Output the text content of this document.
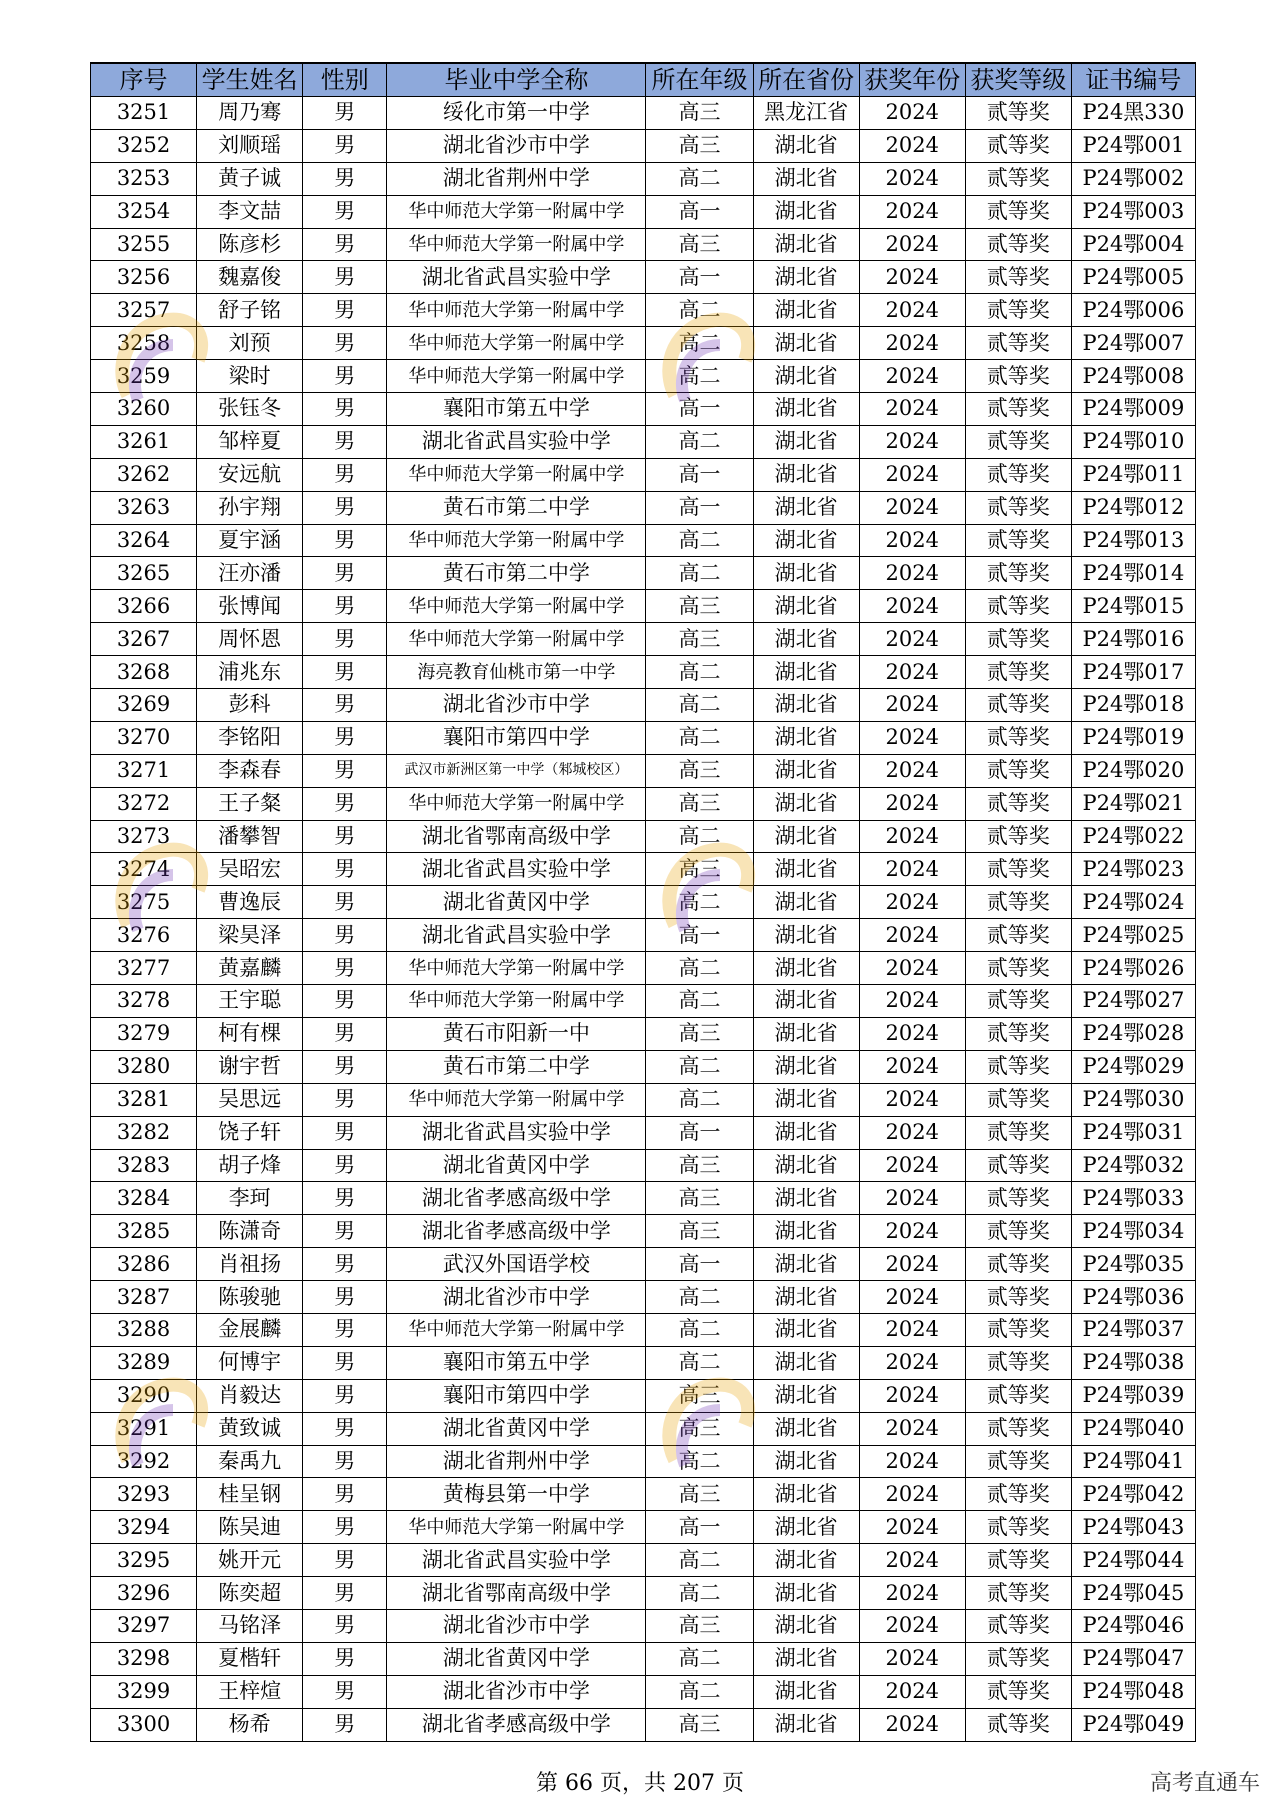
序号	学生姓名	性别	毕业中学全称	所在年级	所在省份	获奖年份	获奖等级	证书编号
3251	周乃骞	男	绥化市第一中学	高三	黑龙江省	2024	贰等奖	P24黑330
3252	刘顺瑶	男	湖北省沙市中学	高三	湖北省	2024	贰等奖	P24鄂001
3253	黄子诚	男	湖北省荆州中学	高二	湖北省	2024	贰等奖	P24鄂002
3254	李文喆	男	华中师范大学第一附属中学	高一	湖北省	2024	贰等奖	P24鄂003
3255	陈彦杉	男	华中师范大学第一附属中学	高三	湖北省	2024	贰等奖	P24鄂004
3256	魏嘉俊	男	湖北省武昌实验中学	高一	湖北省	2024	贰等奖	P24鄂005
3257	舒子铭	男	华中师范大学第一附属中学	高二	湖北省	2024	贰等奖	P24鄂006
3258	刘预	男	华中师范大学第一附属中学	高二	湖北省	2024	贰等奖	P24鄂007
3259	梁时	男	华中师范大学第一附属中学	高二	湖北省	2024	贰等奖	P24鄂008
3260	张钰冬	男	襄阳市第五中学	高一	湖北省	2024	贰等奖	P24鄂009
3261	邹梓夏	男	湖北省武昌实验中学	高二	湖北省	2024	贰等奖	P24鄂010
3262	安远航	男	华中师范大学第一附属中学	高一	湖北省	2024	贰等奖	P24鄂011
3263	孙宇翔	男	黄石市第二中学	高一	湖北省	2024	贰等奖	P24鄂012
3264	夏宇涵	男	华中师范大学第一附属中学	高二	湖北省	2024	贰等奖	P24鄂013
3265	汪亦潘	男	黄石市第二中学	高二	湖北省	2024	贰等奖	P24鄂014
3266	张博闻	男	华中师范大学第一附属中学	高三	湖北省	2024	贰等奖	P24鄂015
3267	周怀恩	男	华中师范大学第一附属中学	高三	湖北省	2024	贰等奖	P24鄂016
3268	浦兆东	男	海亮教育仙桃市第一中学	高二	湖北省	2024	贰等奖	P24鄂017
3269	彭科	男	湖北省沙市中学	高二	湖北省	2024	贰等奖	P24鄂018
3270	李铭阳	男	襄阳市第四中学	高二	湖北省	2024	贰等奖	P24鄂019
3271	李森春	男	武汉市新洲区第一中学（邾城校区）	高三	湖北省	2024	贰等奖	P24鄂020
3272	王子粲	男	华中师范大学第一附属中学	高三	湖北省	2024	贰等奖	P24鄂021
3273	潘攀智	男	湖北省鄂南高级中学	高二	湖北省	2024	贰等奖	P24鄂022
3274	吴昭宏	男	湖北省武昌实验中学	高三	湖北省	2024	贰等奖	P24鄂023
3275	曹逸辰	男	湖北省黄冈中学	高二	湖北省	2024	贰等奖	P24鄂024
3276	梁昊泽	男	湖北省武昌实验中学	高一	湖北省	2024	贰等奖	P24鄂025
3277	黄嘉麟	男	华中师范大学第一附属中学	高二	湖北省	2024	贰等奖	P24鄂026
3278	王宇聪	男	华中师范大学第一附属中学	高二	湖北省	2024	贰等奖	P24鄂027
3279	柯有棵	男	黄石市阳新一中	高三	湖北省	2024	贰等奖	P24鄂028
3280	谢宇哲	男	黄石市第二中学	高二	湖北省	2024	贰等奖	P24鄂029
3281	吴思远	男	华中师范大学第一附属中学	高二	湖北省	2024	贰等奖	P24鄂030
3282	饶子轩	男	湖北省武昌实验中学	高一	湖北省	2024	贰等奖	P24鄂031
3283	胡子烽	男	湖北省黄冈中学	高三	湖北省	2024	贰等奖	P24鄂032
3284	李珂	男	湖北省孝感高级中学	高三	湖北省	2024	贰等奖	P24鄂033
3285	陈潇奇	男	湖北省孝感高级中学	高三	湖北省	2024	贰等奖	P24鄂034
3286	肖祖扬	男	武汉外国语学校	高一	湖北省	2024	贰等奖	P24鄂035
3287	陈骏驰	男	湖北省沙市中学	高二	湖北省	2024	贰等奖	P24鄂036
3288	金展麟	男	华中师范大学第一附属中学	高二	湖北省	2024	贰等奖	P24鄂037
3289	何博宇	男	襄阳市第五中学	高二	湖北省	2024	贰等奖	P24鄂038
3290	肖毅达	男	襄阳市第四中学	高三	湖北省	2024	贰等奖	P24鄂039
3291	黄致诚	男	湖北省黄冈中学	高三	湖北省	2024	贰等奖	P24鄂040
3292	秦禹九	男	湖北省荆州中学	高二	湖北省	2024	贰等奖	P24鄂041
3293	桂呈钢	男	黄梅县第一中学	高三	湖北省	2024	贰等奖	P24鄂042
3294	陈吴迪	男	华中师范大学第一附属中学	高一	湖北省	2024	贰等奖	P24鄂043
3295	姚开元	男	湖北省武昌实验中学	高二	湖北省	2024	贰等奖	P24鄂044
3296	陈奕超	男	湖北省鄂南高级中学	高二	湖北省	2024	贰等奖	P24鄂045
3297	马铭泽	男	湖北省沙市中学	高三	湖北省	2024	贰等奖	P24鄂046
3298	夏楷轩	男	湖北省黄冈中学	高二	湖北省	2024	贰等奖	P24鄂047
3299	王梓煊	男	湖北省沙市中学	高二	湖北省	2024	贰等奖	P24鄂048
3300	杨希	男	湖北省孝感高级中学	高三	湖北省	2024	贰等奖	P24鄂049
第 66 页，共 207 页	高考直通车
